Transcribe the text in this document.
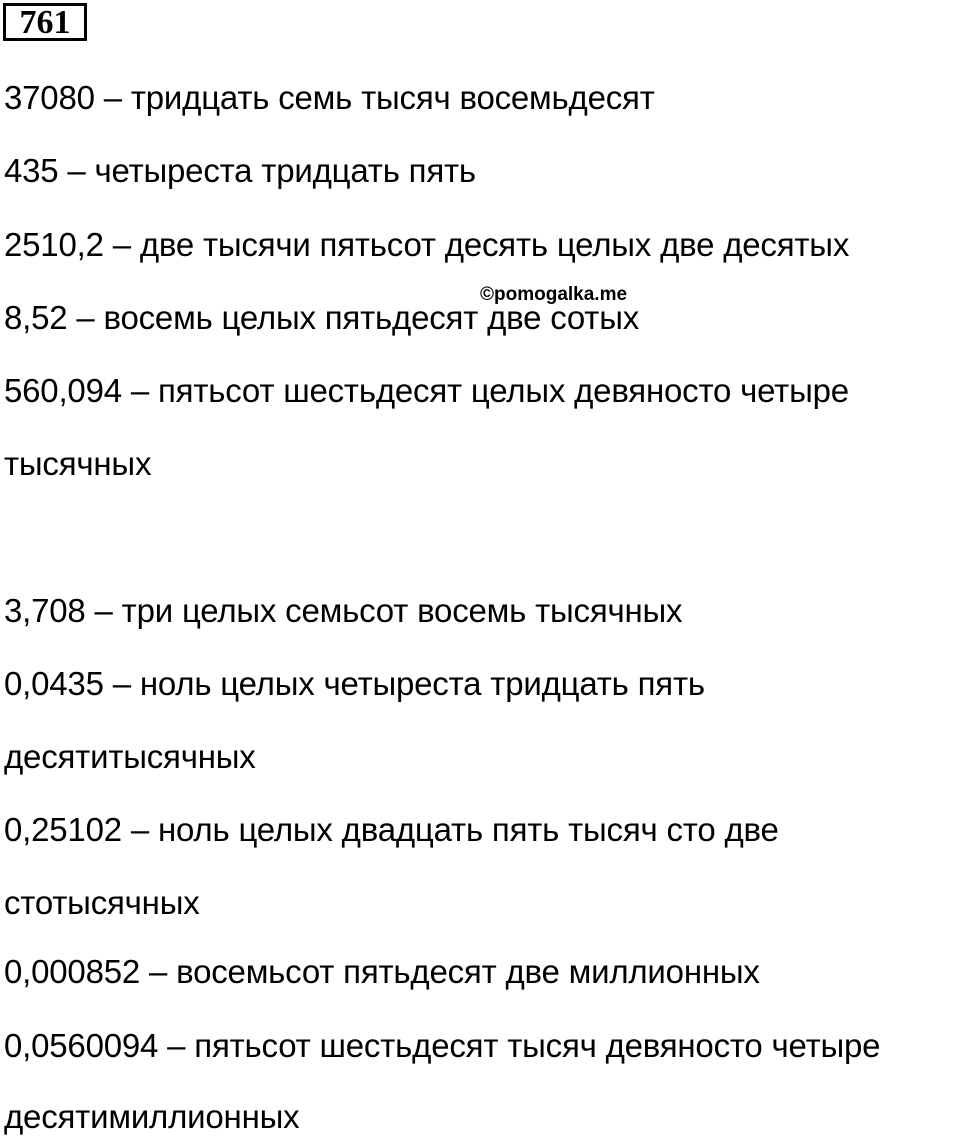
761
37080 – тридцать семь тысяч восемьдесят
435 – четыреста тридцать пять
2510,2 – две тысячи пятьсот десять целых две десятых
8,52 – восемь целых пятьдесят две сотых
560,094 – пятьсот шестьдесят целых девяносто четыре
тысячных
3,708 – три целых семьсот восемь тысячных
0,0435 – ноль целых четыреста тридцать пять
десятитысячных
0,25102 – ноль целых двадцать пять тысяч сто две
стотысячных
0,000852 – восемьсот пятьдесят две миллионных
0,0560094 – пятьсот шестьдесят тысяч девяносто четыре
десятимиллионных
©pomogalka.me
